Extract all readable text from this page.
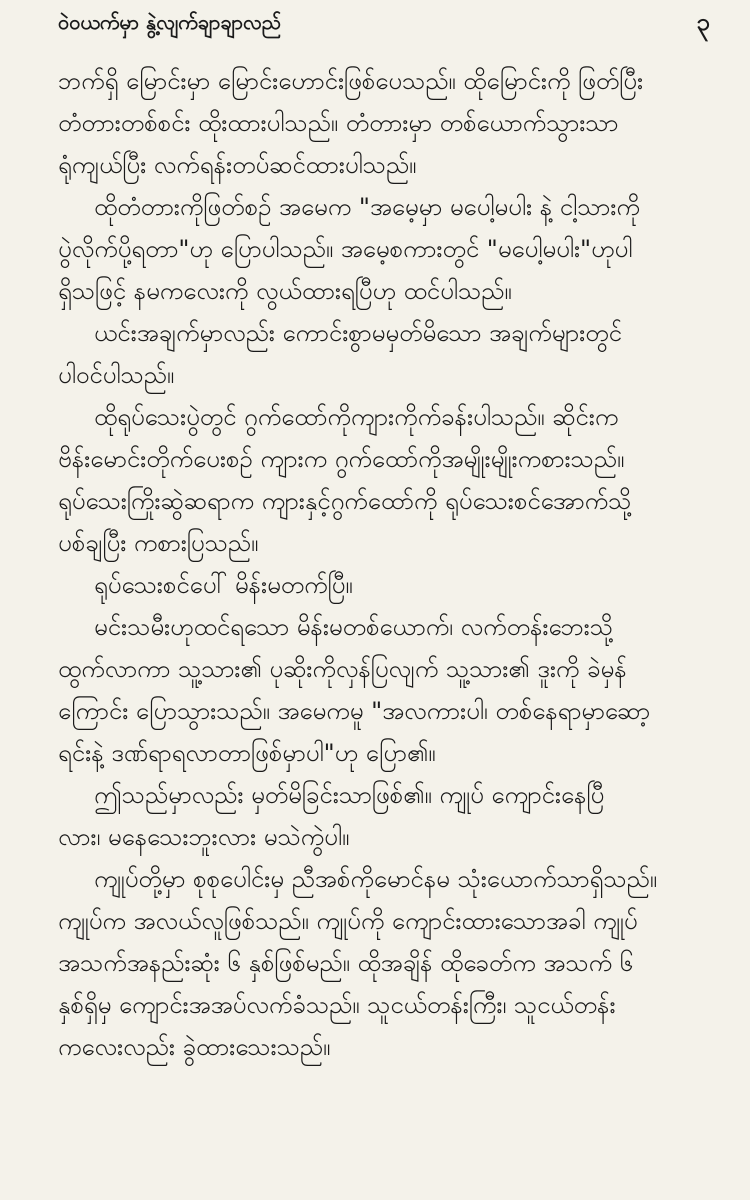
ဝဲဝယက်မှာ နွဲ့လျက်ချာချာလည်	၃
ဘက်ရှိ မြောင်းမှာ မြောင်းဟောင်းဖြစ်ပေသည်။ ထိုမြောင်းကို ဖြတ်ပြီး
တံတားတစ်စင်း ထိုးထားပါသည်။ တံတားမှာ တစ်ယောက်သွားသာ
ရုံကျယ်ပြီး လက်ရန်းတပ်ဆင်ထားပါသည်။
ထိုတံတားကိုဖြတ်စဉ် အမေက "အမေ့မှာ မပေါ့မပါး နဲ့ ငါ့သားကို
ပွဲလိုက်ပို့ရတာ"ဟု ပြောပါသည်။ အမေ့စကားတွင် "မပေါ့မပါး"ဟုပါ
ရှိသဖြင့် နမကလေးကို လွယ်ထားရပြီဟု ထင်ပါသည်။
ယင်းအချက်မှာလည်း ကောင်းစွာမမှတ်မိသော အချက်များတွင်
ပါဝင်ပါသည်။
ထိုရုပ်သေးပွဲတွင် ဂွက်ထော်ကိုကျားကိုက်ခန်းပါသည်။ ဆိုင်းက
ဗိန်းမောင်းတိုက်ပေးစဉ် ကျားက ဂွက်ထော်ကိုအမျိုးမျိုးကစားသည်။
ရုပ်သေးကြိုးဆွဲဆရာက ကျားနှင့်ဂွက်ထော်ကို ရုပ်သေးစင်အောက်သို့
ပစ်ချပြီး ကစားပြသည်။
ရုပ်သေးစင်ပေါ် မိန်းမတက်ပြီ။
မင်းသမီးဟုထင်ရသော မိန်းမတစ်ယောက်၊ လက်တန်းဘေးသို့
ထွက်လာကာ သူ့သား၏ ပုဆိုးကိုလှန်ပြလျက် သူ့သား၏ ဒူးကို ခဲမှန်
ကြောင်း ပြောသွားသည်။ အမေကမူ "အလကားပါ၊ တစ်နေရာမှာဆော့
ရင်းနဲ့ ဒဏ်ရာရလာတာဖြစ်မှာပါ"ဟု ပြော၏။
ဤသည်မှာလည်း မှတ်မိခြင်းသာဖြစ်၏။ ကျုပ် ကျောင်းနေပြီ
လား၊ မနေသေးဘူးလား မသဲကွဲပါ။
ကျုပ်တို့မှာ စုစုပေါင်းမှ ညီအစ်ကိုမောင်နမ သုံးယောက်သာရှိသည်။
ကျုပ်က အလယ်လူဖြစ်သည်။ ကျုပ်ကို ကျောင်းထားသောအခါ ကျုပ်
အသက်အနည်းဆုံး ၆ နှစ်ဖြစ်မည်။ ထိုအချိန် ထိုခေတ်က အသက် ၆
နှစ်ရှိမှ ကျောင်းအအပ်လက်ခံသည်။ သူငယ်တန်းကြီး၊ သူငယ်တန်း
ကလေးလည်း ခွဲထားသေးသည်။
